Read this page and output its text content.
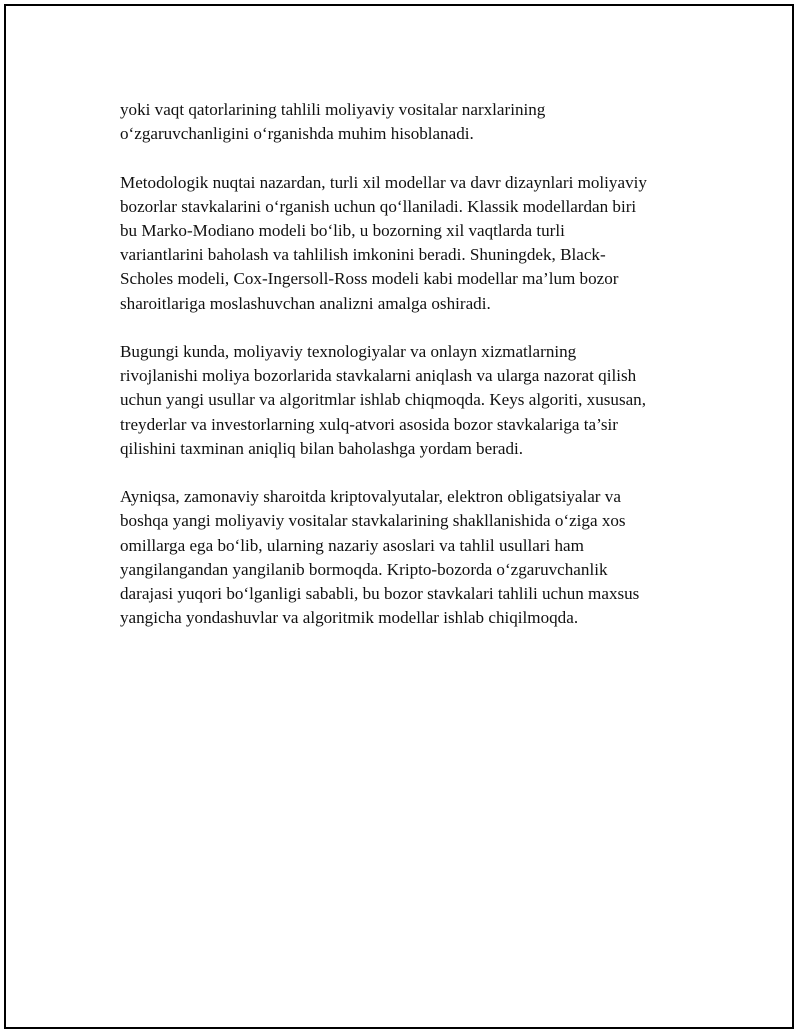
yoki vaqt qatorlarining tahlili moliyaviy vositalar narxlarining
o‘zgaruvchanligini o‘rganishda muhim hisoblanadi.
Metodologik nuqtai nazardan, turli xil modellar va davr dizaynlari moliyaviy
bozorlar stavkalarini o‘rganish uchun qo‘llaniladi. Klassik modellardan biri
bu Marko-Modiano modeli bo‘lib, u bozorning xil vaqtlarda turli
variantlarini baholash va tahlilish imkonini beradi. Shuningdek, Black-
Scholes modeli, Cox-Ingersoll-Ross modeli kabi modellar ma’lum bozor
sharoitlariga moslashuvchan analizni amalga oshiradi.
Bugungi kunda, moliyaviy texnologiyalar va onlayn xizmatlarning
rivojlanishi moliya bozorlarida stavkalarni aniqlash va ularga nazorat qilish
uchun yangi usullar va algoritmlar ishlab chiqmoqda. Keys algoriti, xususan,
treyderlar va investorlarning xulq-atvori asosida bozor stavkalariga ta’sir
qilishini taxminan aniqliq bilan baholashga yordam beradi.
Ayniqsa, zamonaviy sharoitda kriptovalyutalar, elektron obligatsiyalar va
boshqa yangi moliyaviy vositalar stavkalarining shakllanishida o‘ziga xos
omillarga ega bo‘lib, ularning nazariy asoslari va tahlil usullari ham
yangilangandan yangilanib bormoqda. Kripto-bozorda o‘zgaruvchanlik
darajasi yuqori bo‘lganligi sababli, bu bozor stavkalari tahlili uchun maxsus
yangicha yondashuvlar va algoritmik modellar ishlab chiqilmoqda.
